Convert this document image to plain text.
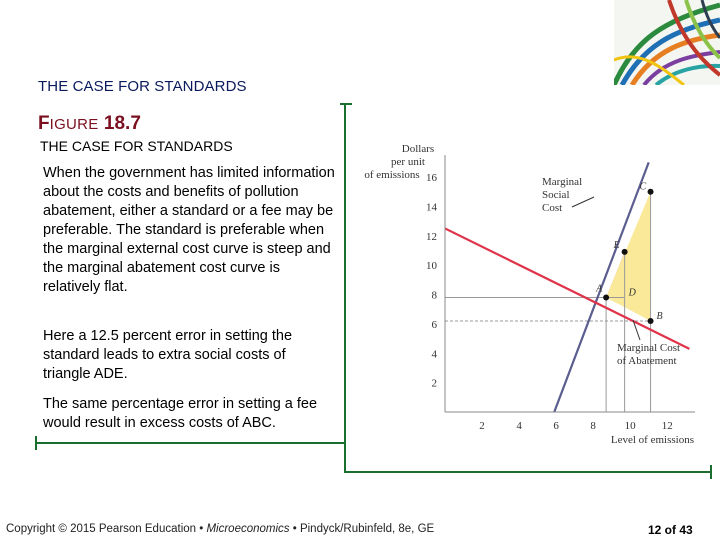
THE CASE FOR STANDARDS
FIGURE 18.7
THE CASE FOR STANDARDS

When the government has limited information about the costs and benefits of pollution abatement, either a standard or a fee may be preferable. The standard is preferable when the marginal external cost curve is steep and the marginal abatement cost curve is relatively flat.

Here a 12.5 percent error in setting the standard leads to extra social costs of triangle ADE.

The same percentage error in setting a fee would result in excess costs of ABC.	2	4	6	8	10 12
2
4
6
8
10
12
14
16
A
B
C
D
E
Marginal
Social
Cost
Marginal Cost
of Abatement
Dollars
per unit
of emissions
Level of emissions
Copyright © 2015 Pearson Education • Microeconomics • Pindyck/Rubinfeld, 8e, GE	12 of 43
